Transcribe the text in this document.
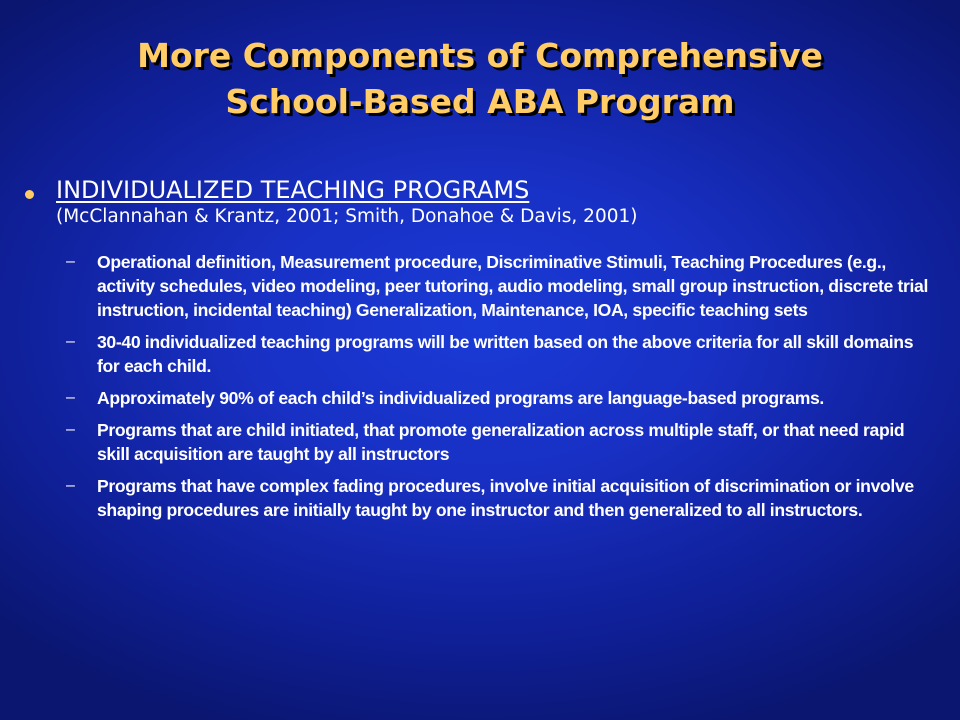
More Components of Comprehensive
School-Based ABA Program
INDIVIDUALIZED TEACHING PROGRAMS
(McClannahan & Krantz, 2001; Smith, Donahoe & Davis, 2001)
– Operational definition, Measurement procedure, Discriminative Stimuli, Teaching Procedures (e.g., activity schedules, video modeling, peer tutoring, audio modeling, small group instruction, discrete trial instruction, incidental teaching) Generalization, Maintenance, IOA, specific teaching sets
– 30-40 individualized teaching programs will be written based on the above criteria for all skill domains for each child.
– Approximately 90% of each child’s individualized programs are language-based programs.
– Programs that are child initiated, that promote generalization across multiple staff, or that need rapid skill acquisition are taught by all instructors
– Programs that have complex fading procedures, involve initial acquisition of discrimination or involve shaping procedures are initially taught by one instructor and then generalized to all instructors.
